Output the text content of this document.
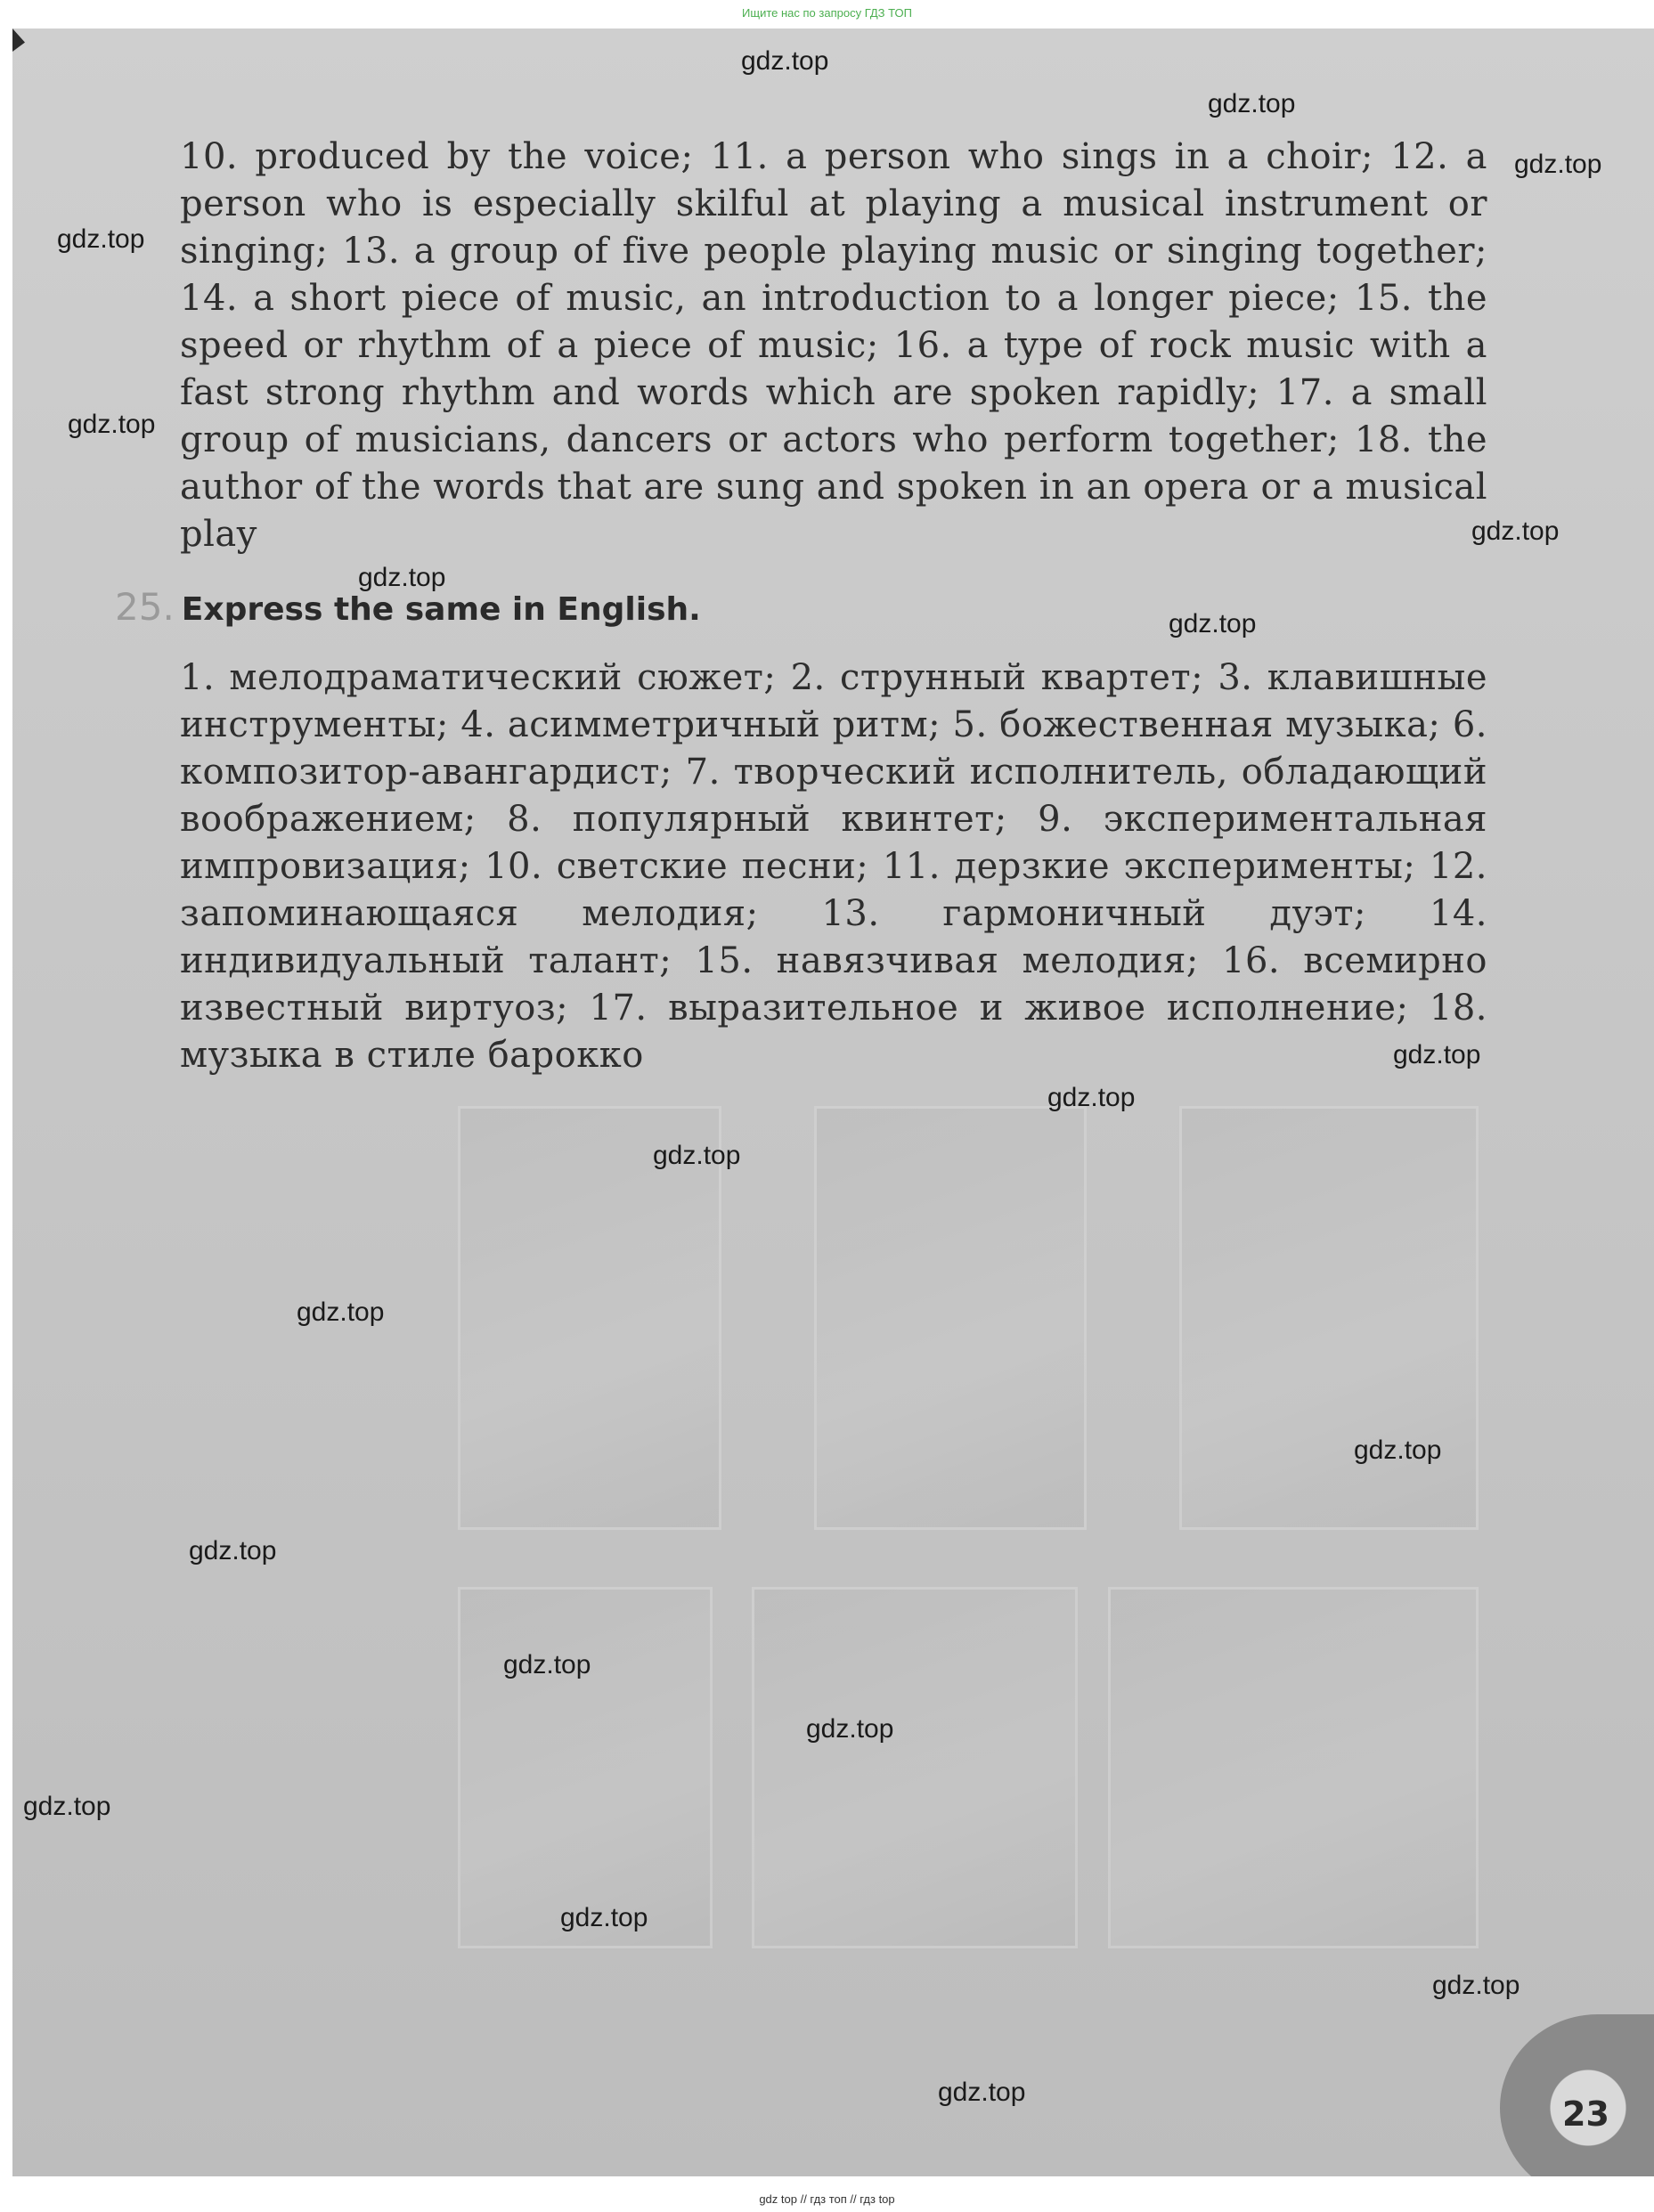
Ищите нас по запросу ГДЗ ТОП
10. produced by the voice; 11. a person who sings in a choir; 12. a person who is especially skilful at playing a musical instrument or singing; 13. a group of five people playing music or singing together; 14. a short piece of music, an introduction to a longer piece; 15. the speed or rhythm of a piece of music; 16. a type of rock music with a fast strong rhythm and words which are spoken rapidly; 17. a small group of musicians, dancers or actors who perform together; 18. the author of the words that are sung and spoken in an opera or a musical play
25. Express the same in English.
1. мелодраматический сюжет; 2. струнный квартет; 3. клавишные инструменты; 4. асимметричный ритм; 5. божественная музыка; 6. композитор-авангардист; 7. творческий исполнитель, обладающий воображением; 8. популярный квинтет; 9. экспериментальная импровизация; 10. светские песни; 11. дерзкие эксперименты; 12. запоминающаяся мелодия; 13. гармоничный дуэт; 14. индивидуальный талант; 15. навязчивая мелодия; 16. всемирно известный виртуоз; 17. выразительное и живое исполнение; 18. музыка в стиле барокко
23
gdz.top
gdz.top
gdz.top
gdz.top
gdz.top
gdz.top
gdz.top
gdz.top
gdz.top
gdz.top
gdz.top
gdz.top
gdz.top
gdz.top
gdz.top
gdz.top
gdz.top
gdz.top
gdz.top
gdz.top
gdz top // гдз топ // гдз top
